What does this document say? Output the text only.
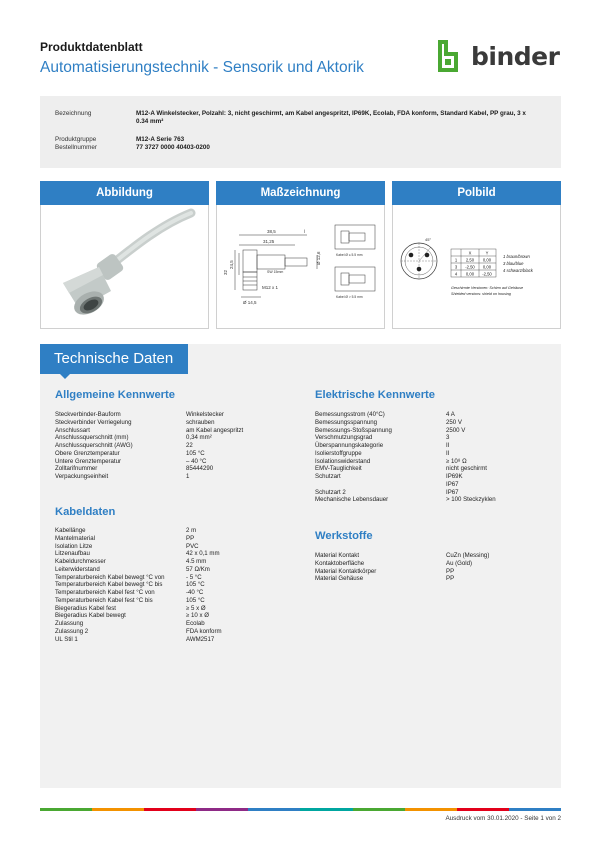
Produktdatenblatt
Automatisierungstechnik - Sensorik und Aktorik	binder
Bezeichnung	M12-A Winkelstecker, Polzahl: 3, nicht geschirmt, am Kabel angespritzt, IP69K, Ecolab, FDA konform, Standard Kabel, PP grau, 3 x 0.34 mm²
Produktgruppe	M12-A Serie 763
Bestellnummer	77 3727 0000 40403-0200
Abbildung	Maßzeichnung
38,5	l
31,25
Ø 12,6
32
24,5
SW 15mm
M12 x 1
Ø 14,5
Kabel Ø ≤ 5.5 mm
Kabel Ø > 5.5 mm
Polbild
45°
X	Y
1 2,50 0,00
3 -2,50 0,00
4 0,00 -2,50
1 braun/brown
3 blau/blue
4 schwarz/black
Geschirmte Versionen: Schirm auf Gehäuse
Shielded versions: shield on housing
Technische Daten
Allgemeine Kennwerte
Steckverbinder-Bauform	Winkelstecker
Steckverbinder Verriegelung	schrauben
Anschlussart	am Kabel angespritzt
Anschlussquerschnitt (mm)	0,34 mm²
Anschlussquerschnitt (AWG)	22
Obere Grenztemperatur	105 °C
Untere Grenztemperatur	– 40 °C
Zolltarifnummer	85444290
Verpackungseinheit	1
Kabeldaten
Kabellänge	2 m
Mantelmaterial	PP
Isolation Litze	PVC
Litzenaufbau	42 x 0,1 mm
Kabeldurchmesser	4.5 mm
Leiterwiderstand	57 Ω/Km
Temperaturbereich Kabel bewegt °C von	- 5 °C
Temperaturbereich Kabel bewegt °C bis	105 °C
Temperaturbereich Kabel fest °C von	-40 °C
Temperaturbereich Kabel fest °C bis	105 °C
Biegeradius Kabel fest	≥ 5 x Ø
Biegeradius Kabel bewegt	≥ 10 x Ø
Zulassung	Ecolab
Zulassung 2	FDA konform
UL Stil 1	AWM2517
Elektrische Kennwerte
Bemessungsstrom (40°C)	4 A
Bemessungsspannung	250 V
Bemessungs-Stoßspannung	2500 V
Verschmutzungsgrad	3
Überspannungskategorie	II
Isolierstoffgruppe	II
Isolationswiderstand	≥ 10⁸ Ω
EMV-Tauglichkeit	nicht geschirmt
Schutzart	IP69K
IP67
Schutzart 2	IP67
Mechanische Lebensdauer	> 100 Steckzyklen
Werkstoffe
Material Kontakt	CuZn (Messing)
Kontaktoberfläche	Au (Gold)
Material Kontaktkörper	PP
Material Gehäuse	PP
Ausdruck vom 30.01.2020 - Seite 1 von 2
